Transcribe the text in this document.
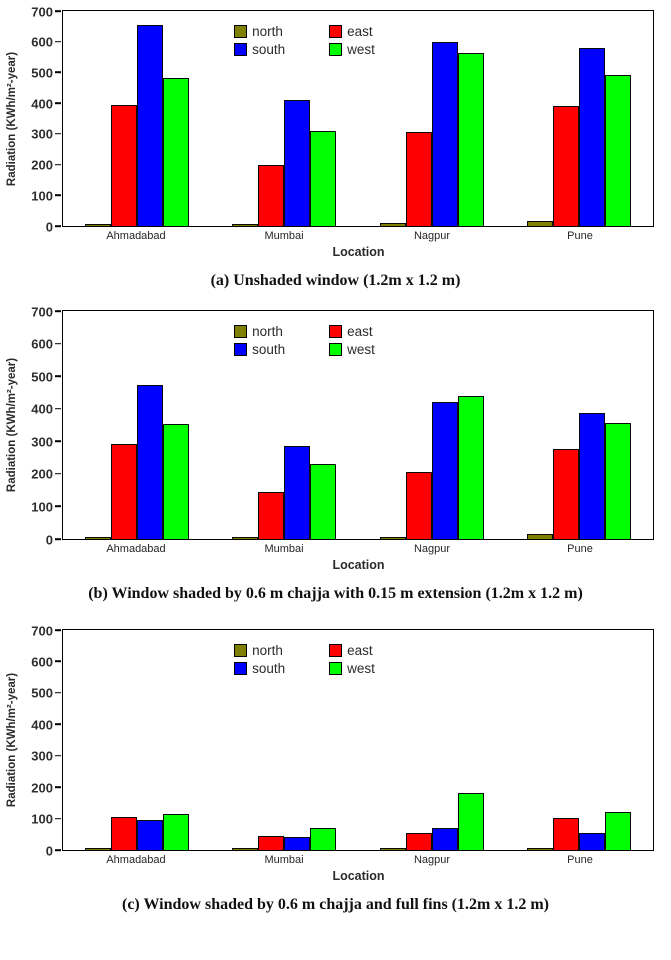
Radiation (KWh/m²-year)
0
100
200
300
400
500
600
700
north	east
south	west
Ahmadabad	Mumbai	Nagpur	Pune
Location
(a) Unshaded window (1.2m x 1.2 m)
Radiation (KWh/m²-year)
0
100
200
300
400
500
600
700
north	east
south	west
Ahmadabad	Mumbai	Nagpur	Pune
Location
(b) Window shaded by 0.6 m chajja with 0.15 m extension (1.2m x 1.2 m)
Radiation (KWh/m²-year)
0
100
200
300
400
500
600
700
north	east
south	west
Ahmadabad	Mumbai	Nagpur	Pune
Location
(c) Window shaded by 0.6 m chajja and full fins (1.2m x 1.2 m)
